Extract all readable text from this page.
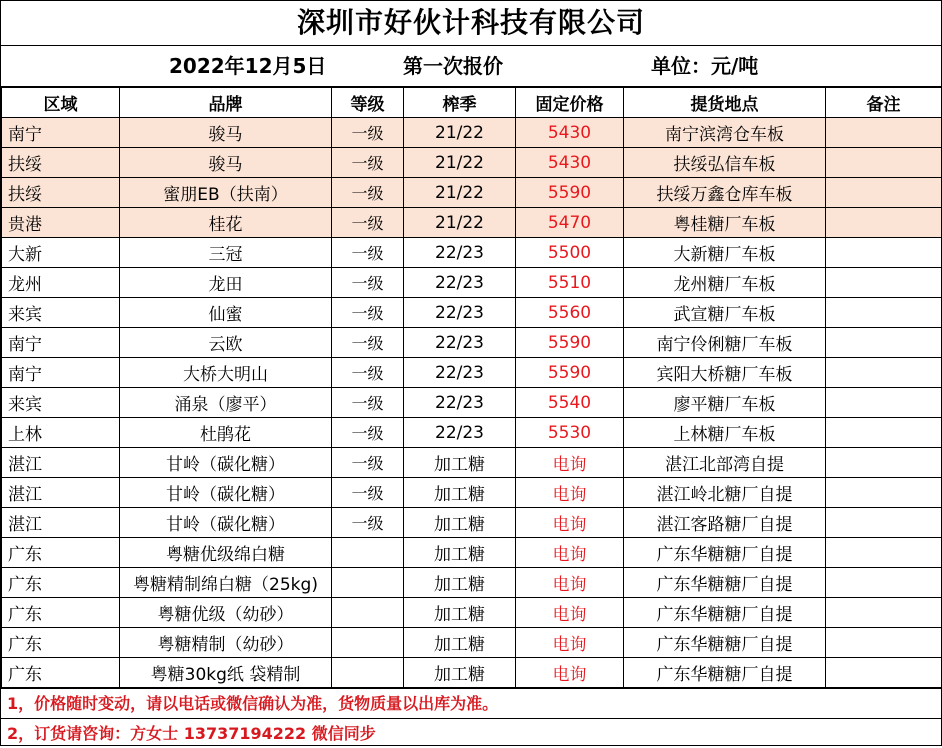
深圳市好伙计科技有限公司
2022年12月5日	第一次报价	单位：元/吨
区域	品牌	等级	榨季	固定价格	提货地点	备注
南宁	骏马	一级	21/22	5430	南宁滨湾仓车板	
扶绥	骏马	一级	21/22	5430	扶绥弘信车板	
扶绥	蜜朋EB（扶南）	一级	21/22	5590	扶绥万鑫仓库车板	
贵港	桂花	一级	21/22	5470	粤桂糖厂车板	
大新	三冠	一级	22/23	5500	大新糖厂车板	
龙州	龙田	一级	22/23	5510	龙州糖厂车板	
来宾	仙蜜	一级	22/23	5560	武宣糖厂车板	
南宁	云欧	一级	22/23	5590	南宁伶俐糖厂车板	
南宁	大桥大明山	一级	22/23	5590	宾阳大桥糖厂车板	
来宾	涌泉（廖平）	一级	22/23	5540	廖平糖厂车板	
上林	杜鹃花	一级	22/23	5530	上林糖厂车板	
湛江	甘岭（碳化糖）	一级	加工糖	电询	湛江北部湾自提	
湛江	甘岭（碳化糖）	一级	加工糖	电询	湛江岭北糖厂自提	
湛江	甘岭（碳化糖）	一级	加工糖	电询	湛江客路糖厂自提	
广东	粤糖优级绵白糖		加工糖	电询	广东华糖糖厂自提	
广东	粤糖精制绵白糖（25kg)		加工糖	电询	广东华糖糖厂自提	
广东	粤糖优级（幼砂）		加工糖	电询	广东华糖糖厂自提	
广东	粤糖精制（幼砂）		加工糖	电询	广东华糖糖厂自提	
广东	粤糖30kg纸 袋精制		加工糖	电询	广东华糖糖厂自提	
1，价格随时变动，请以电话或微信确认为准，货物质量以出库为准。
2，订货请咨询：方女士 13737194222 微信同步
